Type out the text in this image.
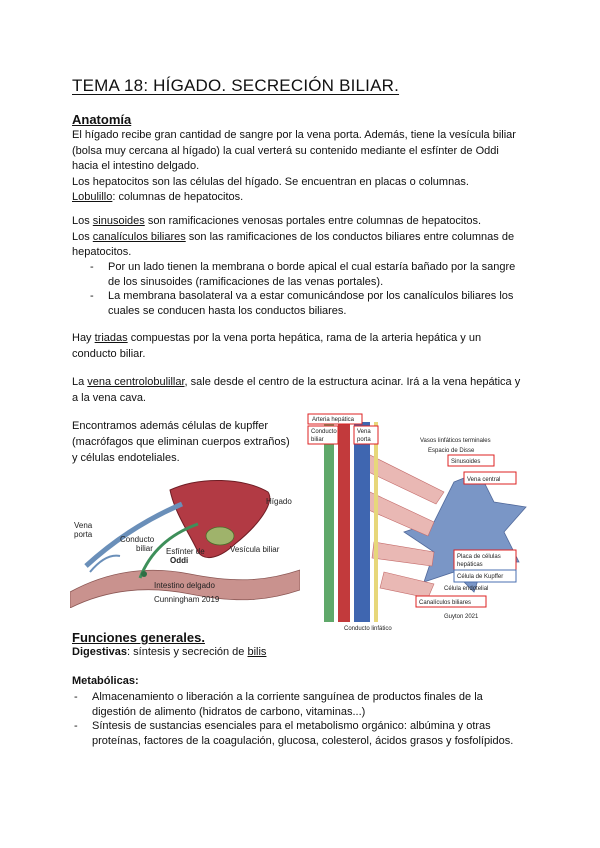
TEMA 18: HÍGADO. SECRECIÓN BILIAR.
Anatomía
El hígado recibe gran cantidad de sangre por la vena porta. Además, tiene la vesícula biliar
(bolsa muy cercana al hígado) la cual verterá su contenido mediante el esfínter de Oddi
hacia el intestino delgado.
Los hepatocitos son las células del hígado. Se encuentran en placas o columnas.
Lobulillo: columnas de hepatocitos.
Los sinusoides son ramificaciones venosas portales entre columnas de hepatocitos.
Los canalículos biliares son las ramificaciones de los conductos biliares entre columnas de
hepatocitos.
- Por un lado tienen la membrana o borde apical el cual estaría bañado por la sangre
de los sinusoides (ramificaciones de las venas portales).
- La membrana basolateral va a estar comunicándose por los canalículos biliares los
cuales se conducen hasta los conductos biliares.
Hay triadas compuestas por la vena porta hepática, rama de la arteria hepática y un
conducto biliar.
La vena centrolobulillar, sale desde el centro de la estructura acinar. Irá a la vena hepática y
a la vena cava.
Encontramos además células de kupffer
(macrófagos que eliminan cuerpos extraños)
y células endoteliales.
Hígado
Vena
porta
Conducto
biliar Esfínter de
Oddi
Vesícula biliar
Intestino delgado
Cunningham 2019
Arteria hepática
Conducto
biliar
Vena
porta	Vasos linfáticos terminales
Espacio de Disse
Sinusoides
Vena central
Placa de células
hepáticas
Célula de Kupffer
Célula endotelial
Canalículos biliares
Conducto linfático
Guyton 2021
Funciones generales.
Digestivas: síntesis y secreción de bilis
Metabólicas:
- Almacenamiento o liberación a la corriente sanguínea de productos finales de la
digestión de alimento (hidratos de carbono, vitaminas...)
- Síntesis de sustancias esenciales para el metabolismo orgánico: albúmina y otras
proteínas, factores de la coagulación, glucosa, colesterol, ácidos grasos y fosfolípidos.
